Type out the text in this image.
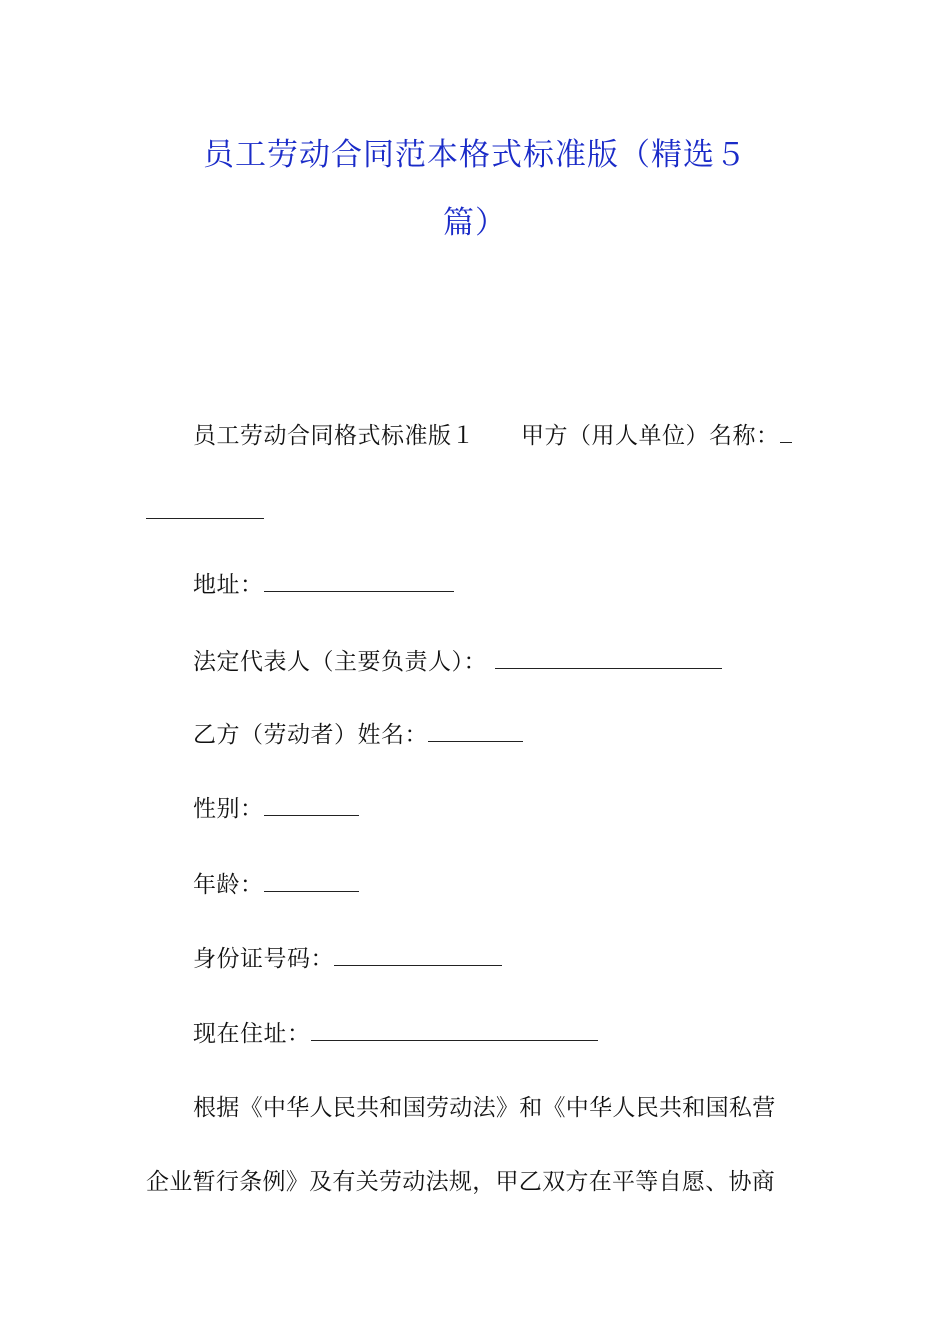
员工劳动合同范本格式标准版（精选５
篇）
员工劳动合同格式标准版１ 甲方（用人单位）名称：
地址：
法定代表人（主要负责人）：
乙方（劳动者）姓名：
性别：
年龄：
身份证号码：
现在住址：
根据《中华人民共和国劳动法》和《中华人民共和国私营
企业暂行条例》及有关劳动法规，甲乙双方在平等自愿、协商
